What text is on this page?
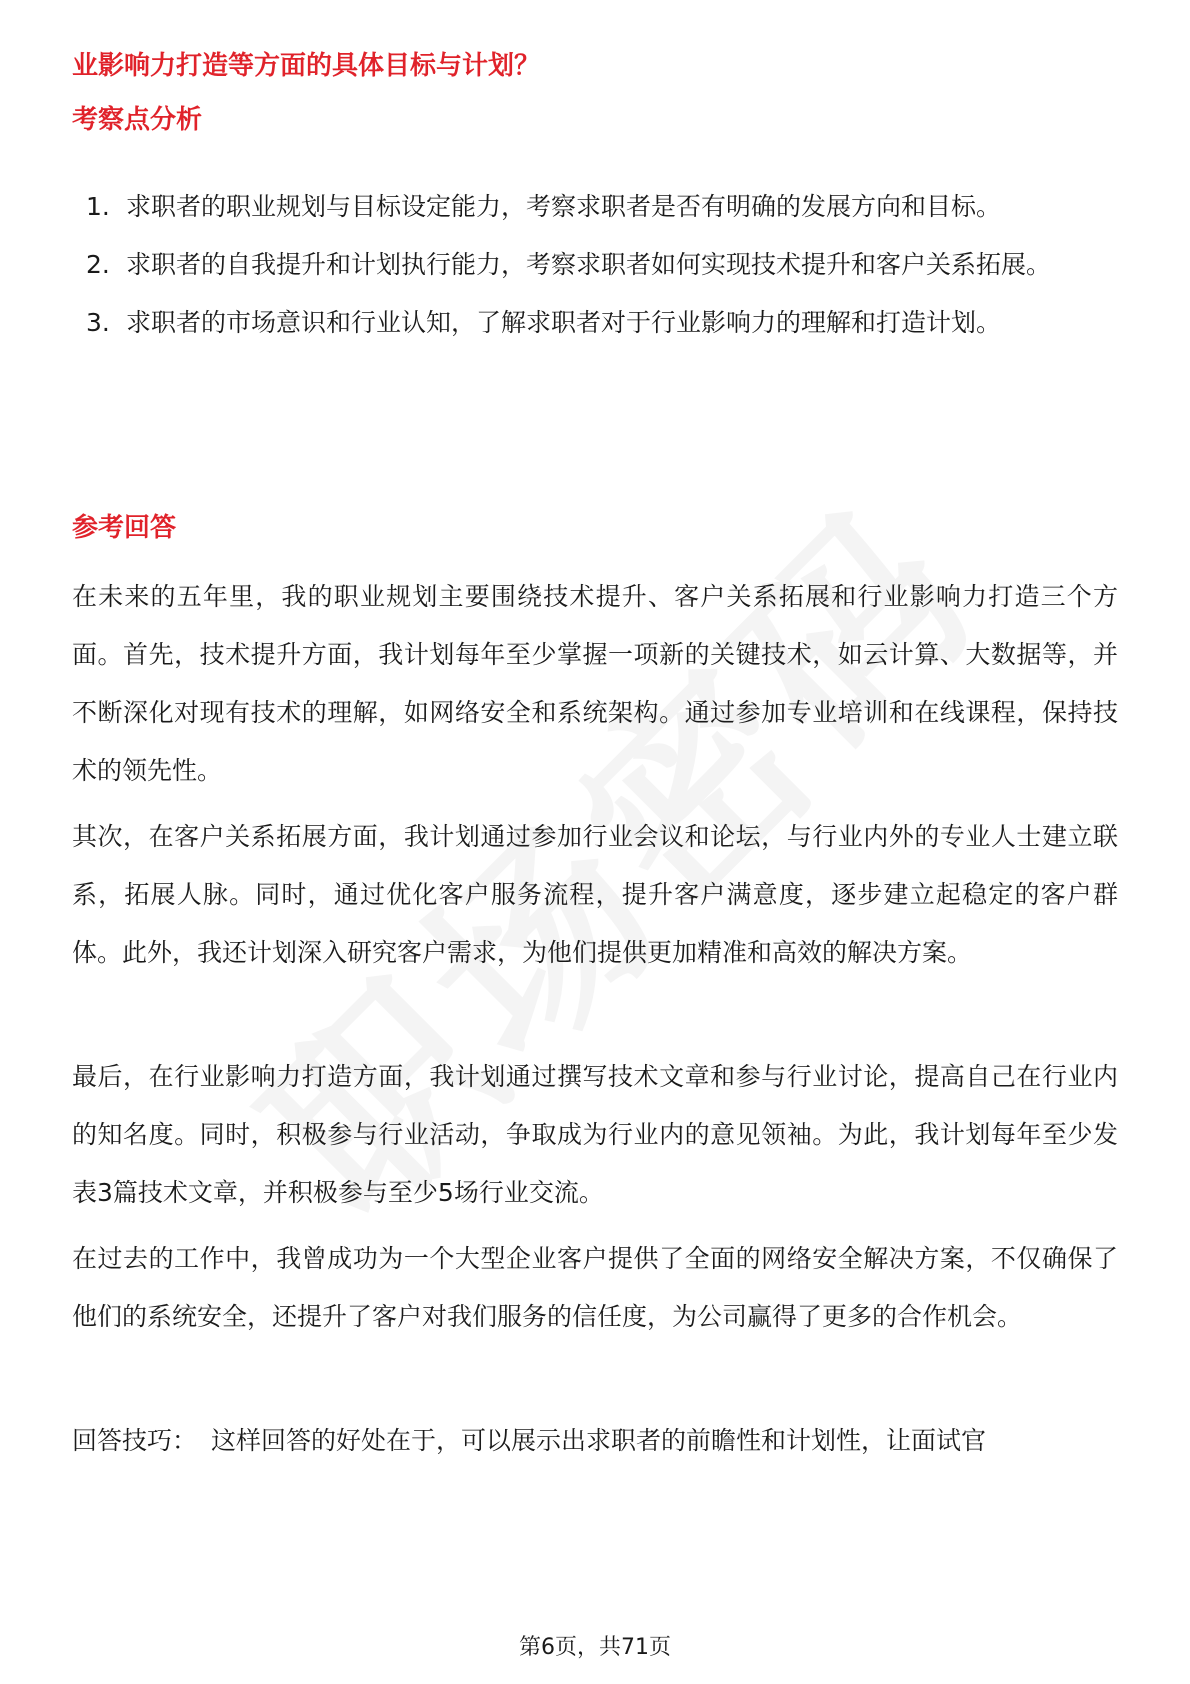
业影响力打造等方面的具体目标与计划？
考察点分析
1. 求职者的职业规划与目标设定能力，考察求职者是否有明确的发展方向和目标。
2. 求职者的自我提升和计划执行能力，考察求职者如何实现技术提升和客户关系拓展。
3. 求职者的市场意识和行业认知，了解求职者对于行业影响力的理解和打造计划。
参考回答

在未来的五年里，我的职业规划主要围绕技术提升、客户关系拓展和行业影响力打造三个方面。首先，技术提升方面，我计划每年至少掌握一项新的关键技术，如云计算、大数据等，并不断深化对现有技术的理解，如网络安全和系统架构。通过参加专业培训和在线课程，保持技术的领先性。

其次，在客户关系拓展方面，我计划通过参加行业会议和论坛，与行业内外的专业人士建立联系，拓展人脉。同时，通过优化客户服务流程，提升客户满意度，逐步建立起稳定的客户群体。此外，我还计划深入研究客户需求，为他们提供更加精准和高效的解决方案。

最后，在行业影响力打造方面，我计划通过撰写技术文章和参与行业讨论，提高自己在行业内的知名度。同时，积极参与行业活动，争取成为行业内的意见领袖。为此，我计划每年至少发表3篇技术文章，并积极参与至少5场行业交流。

在过去的工作中，我曾成功为一个大型企业客户提供了全面的网络安全解决方案，不仅确保了他们的系统安全，还提升了客户对我们服务的信任度，为公司赢得了更多的合作机会。

回答技巧： 这样回答的好处在于，可以展示出求职者的前瞻性和计划性，让面试官

第6页，共71页
